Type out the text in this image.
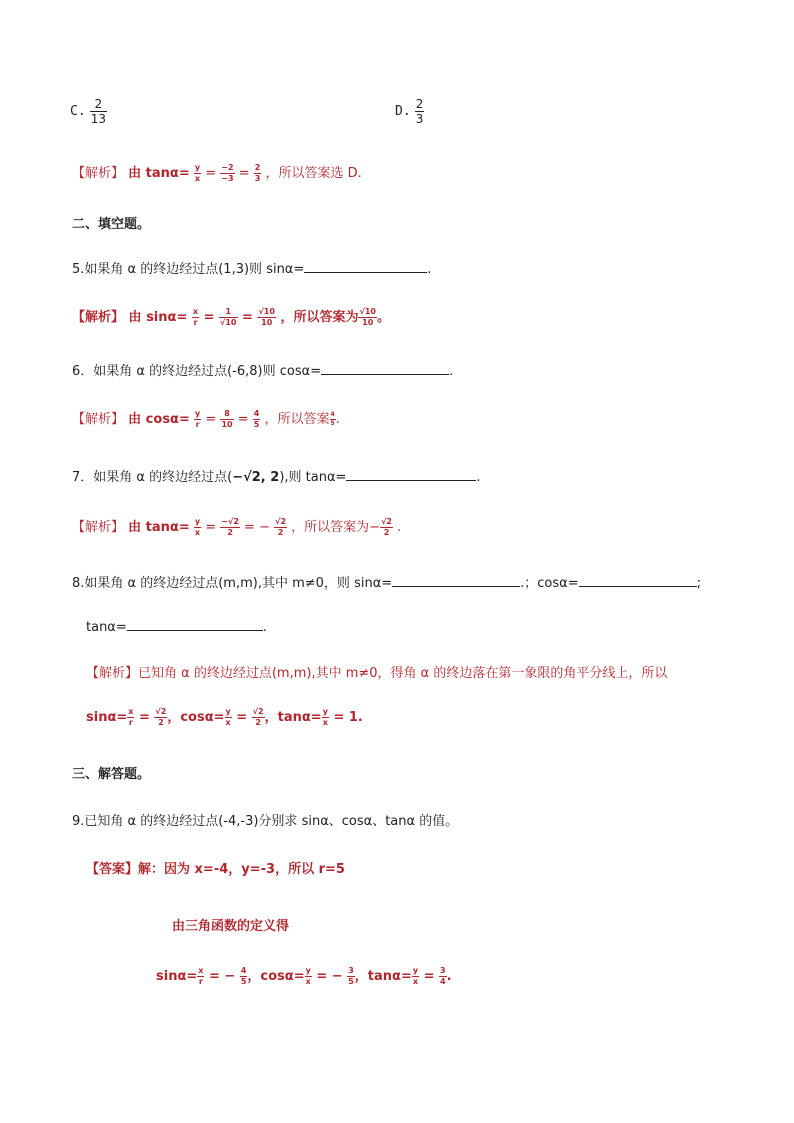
C. $\frac{2}{13}$	D. $\frac{2}{3}$
【解析】 由 $\tan\alpha= \frac{y}{x} = \frac{-2}{-3} = \frac{2}{3}$ ，所以答案选 D.
二、填空题。
5.如果角 α 的终边经过点(1,3)则 sinα=	.
【解析】 由 $\sin\alpha= \frac{x}{r} = \frac{1}{√10} = \frac{√10}{10}$ ，所以答案为 $\frac{√10}{10}$ 。
6．如果角 α 的终边经过点(-6,8)则 cosα=	.
【解析】 由 $\cos\alpha= \frac{y}{r} = \frac{8}{10} = \frac{4}{5}$ ，所以答案 $\frac{4}{5}$ .
7．如果角 α 的终边经过点(−√2, 2),则 tanα=	.
【解析】 由 $\tan\alpha= \frac{y}{x} = \frac{-√2}{2}$ = − $\frac{√2}{2}$ ，所以答案为− $\frac{√2}{2}$ .
8.如果角 α 的终边经过点(m,m),其中 m≠0，则 sinα=	.；cosα=	;
tanα=	.
【解析】已知角 α 的终边经过点(m,m),其中 m≠0，得角 α 的终边落在第一象限的角平分线上，所以
$\sin\alpha= \frac{x}{r} = \frac{√2}{2}$ ，$\cos\alpha= \frac{y}{x} = \frac{√2}{2}$ ，$\tan\alpha= \frac{y}{x} = 1$.
三、解答题。
9.已知角 α 的终边经过点(-4,-3)分别求 sinα、cosα、tanα 的值。
【答案】解：因为 x=-4，y=-3，所以 r=5
由三角函数的定义得
$\sin\alpha= \frac{x}{r}$ = − $\frac{4}{5}$ ，$\cos\alpha= \frac{y}{x}$ = − $\frac{3}{5}$ ，$\tan\alpha= \frac{y}{x} = \frac{3}{4}$ .
